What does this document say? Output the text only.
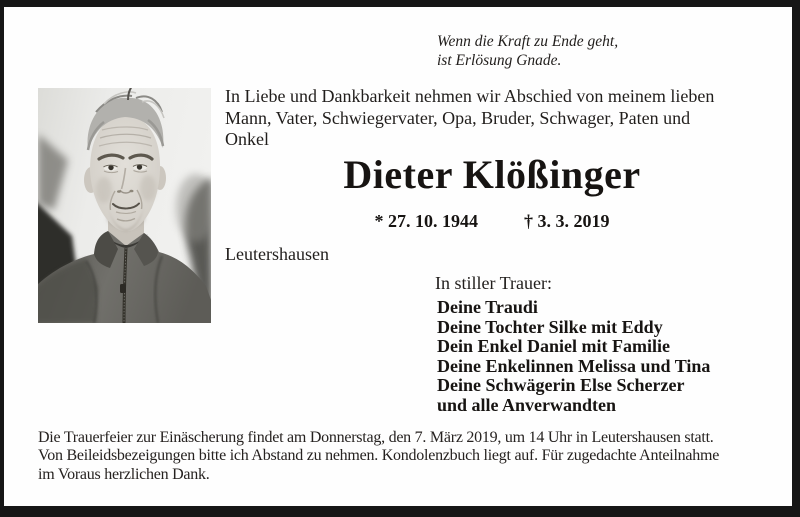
Wenn die Kraft zu Ende geht,
ist Erlösung Gnade.
In Liebe und Dankbarkeit nehmen wir Abschied von meinem lieben
Mann, Vater, Schwiegervater, Opa, Bruder, Schwager, Paten und
Onkel
Dieter Klößinger
* 27. 10. 1944	† 3. 3. 2019
Leutershausen
In stiller Trauer:
Deine Traudi
Deine Tochter Silke mit Eddy
Dein Enkel Daniel mit Familie
Deine Enkelinnen Melissa und Tina
Deine Schwägerin Else Scherzer
und alle Anverwandten
Die Trauerfeier zur Einäscherung findet am Donnerstag, den 7. März 2019, um 14 Uhr in Leutershausen statt.
Von Beileidsbezeigungen bitte ich Abstand zu nehmen. Kondolenzbuch liegt auf. Für zugedachte Anteilnahme
im Voraus herzlichen Dank.
